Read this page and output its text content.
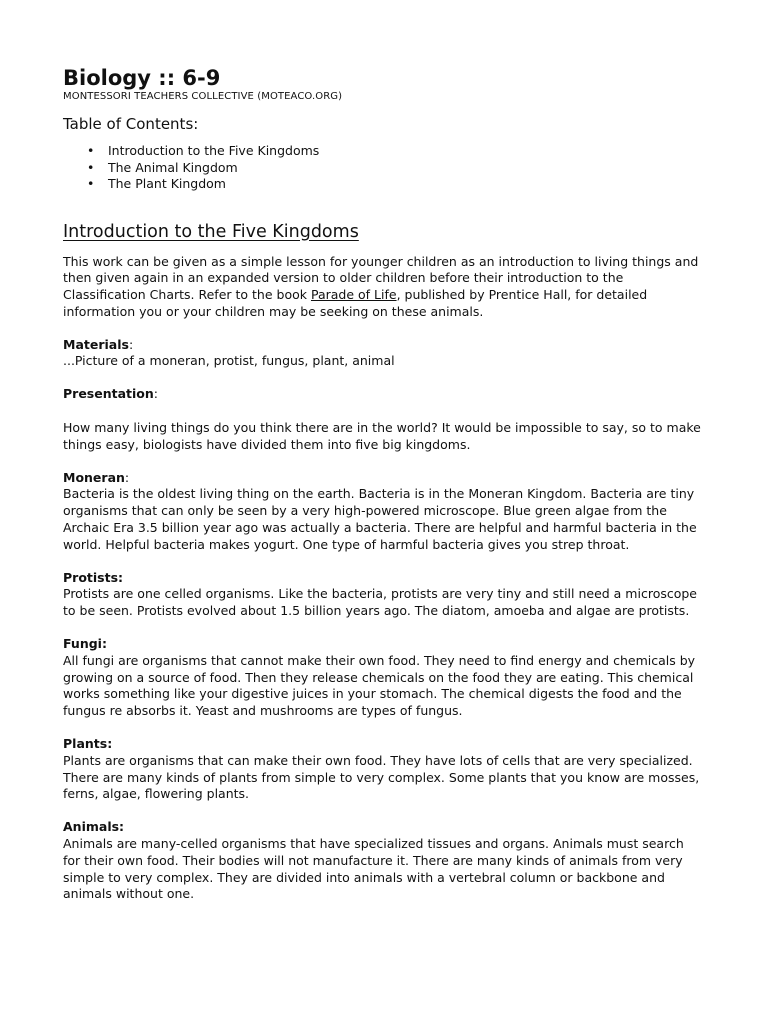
Biology :: 6-9
MONTESSORI TEACHERS COLLECTIVE (MOTEACO.ORG)
Table of Contents:
• Introduction to the Five Kingdoms
• The Animal Kingdom
• The Plant Kingdom
Introduction to the Five Kingdoms

This work can be given as a simple lesson for younger children as an introduction to living things and then given again in an expanded version to older children before their introduction to the Classification Charts. Refer to the book Parade of Life, published by Prentice Hall, for detailed information you or your children may be seeking on these animals.

Materials:

...Picture of a moneran, protist, fungus, plant, animal

Presentation:

How many living things do you think there are in the world? It would be impossible to say, so to make things easy, biologists have divided them into five big kingdoms.

Moneran:

Bacteria is the oldest living thing on the earth. Bacteria is in the Moneran Kingdom. Bacteria are tiny organisms that can only be seen by a very high-powered microscope. Blue green algae from the Archaic Era 3.5 billion year ago was actually a bacteria. There are helpful and harmful bacteria in the world. Helpful bacteria makes yogurt. One type of harmful bacteria gives you strep throat.

Protists:

Protists are one celled organisms. Like the bacteria, protists are very tiny and still need a microscope to be seen. Protists evolved about 1.5 billion years ago. The diatom, amoeba and algae are protists.

Fungi:

All fungi are organisms that cannot make their own food. They need to find energy and chemicals by growing on a source of food. Then they release chemicals on the food they are eating. This chemical works something like your digestive juices in your stomach. The chemical digests the food and the fungus re absorbs it. Yeast and mushrooms are types of fungus.

Plants:

Plants are organisms that can make their own food. They have lots of cells that are very specialized. There are many kinds of plants from simple to very complex. Some plants that you know are mosses, ferns, algae, flowering plants.

Animals:

Animals are many-celled organisms that have specialized tissues and organs. Animals must search for their own food. Their bodies will not manufacture it. There are many kinds of animals from very simple to very complex. They are divided into animals with a vertebral column or backbone and animals without one.
